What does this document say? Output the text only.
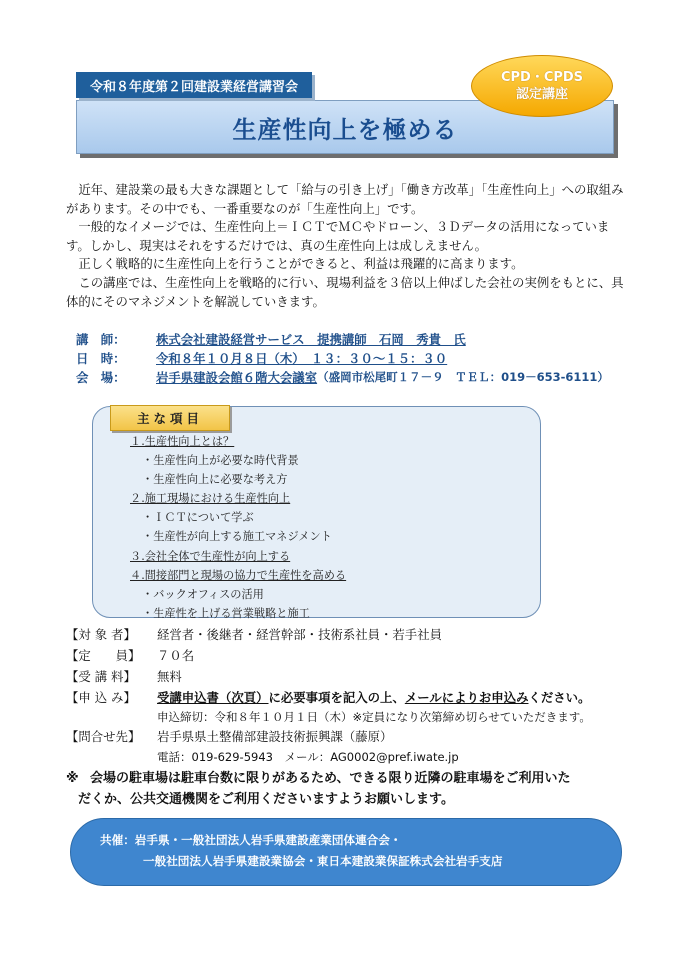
生産性向上を極める
令和８年度第２回建設業経営講習会
CPD・CPDS
認定講座

近年、建設業の最も大きな課題として「給与の引き上げ」「働き方改革」「生産性向上」への取組みがあります。その中でも、一番重要なのが「生産性向上」です。

一般的なイメージでは、生産性向上＝ＩＣＴでＭＣやドローン、３Ｄデータの活用になっています。しかし、現実はそれをするだけでは、真の生産性向上は成しえません。

正しく戦略的に生産性向上を行うことができると、利益は飛躍的に高まります。

この講座では、生産性向上を戦略的に行い、現場利益を３倍以上伸ばした会社の実例をもとに、具体的にそのマネジメントを解説していきます。

講　師：	株式会社建設経営サービス　提携講師　石岡　秀貴　氏
日　時：	令和８年１０月８日（木）　１３：３０～１５：３０
会　場：	岩手県建設会館６階大会議室 （盛岡市松尾町１７－９　ＴＥＬ：019－653-6111）
主な項目
１.生産性向上とは？
・生産性向上が必要な時代背景
・生産性向上に必要な考え方
２.施工現場における生産性向上
・ＩＣＴについて学ぶ
・生産性が向上する施工マネジメント
３.会社全体で生産性が向上する
４.間接部門と現場の協力で生産性を高める
・バックオフィスの活用
・生産性を上げる営業戦略と施工
【対 象 者】	経営者・後継者・経営幹部・技術系社員・若手社員
【定　　員】	７０名
【受 講 料】	無料
【申 込 み】	受講申込書（次頁）に必要事項を記入の上、メールによりお申込みください。
申込締切：令和８年１０月１日（木）※定員になり次第締め切らせていただきます。
【問合せ先】	岩手県県土整備部建設技術振興課（藤原）
電話：019-629-5943　メール：AG0002@pref.iwate.jp
※ 会場の駐車場は駐車台数に限りがあるため、できる限り近隣の駐車場をご利用いた
だくか、公共交通機関をご利用くださいますようお願いします。
共催：岩手県・一般社団法人岩手県建設産業団体連合会・
一般社団法人岩手県建設業協会・東日本建設業保証株式会社岩手支店
